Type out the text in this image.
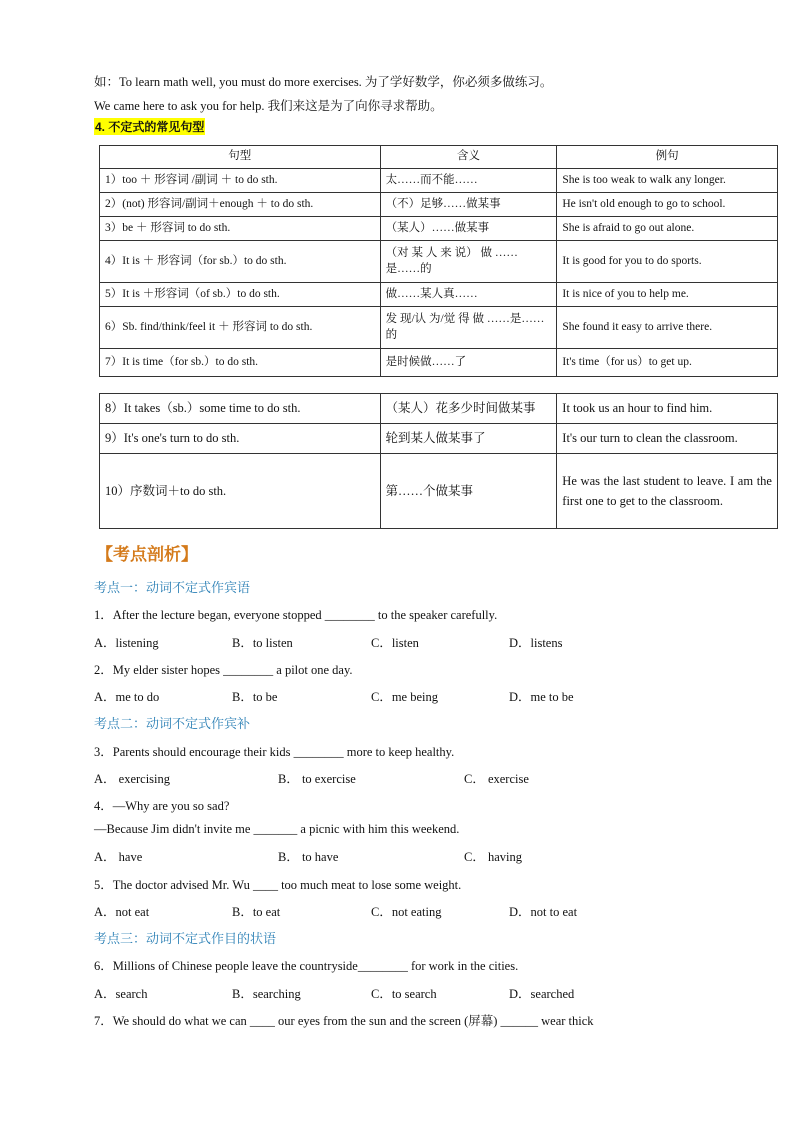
如：To learn math well, you must do more exercises. 为了学好数学，你必须多做练习。
We came here to ask you for help. 我们来这是为了向你寻求帮助。
4. 不定式的常见句型
句型	含义	例句
1）too ＋ 形容词 /副词 ＋ to do sth.	太……而不能……	She is too weak to walk any longer.
2）(not) 形容词/副词＋enough ＋ to do sth.	（不）足够……做某事	He isn't old enough to go to school.
3）be ＋ 形容词 to do sth.	（某人）……做某事	She is afraid to go out alone.
4）It is ＋ 形容词（for sb.）to do sth.	（对 某 人 来 说） 做 ……是……的	It is good for you to do sports.
5）It is ＋形容词（of sb.）to do sth.	做……某人真……	It is nice of you to help me.
6）Sb. find/think/feel it ＋ 形容词 to do sth.	发 现/认 为/觉 得 做 ……是……的	She found it easy to arrive there.
7）It is time（for sb.）to do sth.	是时候做……了	It's time（for us）to get up.
8）It takes（sb.）some time to do sth.	（某人）花多少时间做某事	It took us an hour to find him.
9）It's one's turn to do sth.	轮到某人做某事了	It's our turn to clean the classroom.
10）序数词＋to do sth.	第……个做某事	He was the last student to leave. I am the first one to get to the classroom.
【考点剖析】
考点一：动词不定式作宾语
1．After the lecture began, everyone stopped ________ to the speaker carefully.
A．listening	B．to listen	C．listen	D．listens
2．My elder sister hopes ________ a pilot one day.
A．me to do	B．to be	C．me being	D．me to be
考点二：动词不定式作宾补
3．Parents should encourage their kids ________ more to keep healthy.
A． exercising	B． to exercise	C． exercise
4．—Why are you so sad?
—Because Jim didn't invite me _______ a picnic with him this weekend.
A． have	B． to have	C． having
5．The doctor advised Mr. Wu ____ too much meat to lose some weight.
A．not eat	B．to eat	C．not eating	D．not to eat
考点三：动词不定式作目的状语
6．Millions of Chinese people leave the countryside________ for work in the cities.
A．search	B．searching	C．to search	D．searched
7．We should do what we can ____ our eyes from the sun and the screen (屏幕) ______ wear thick
